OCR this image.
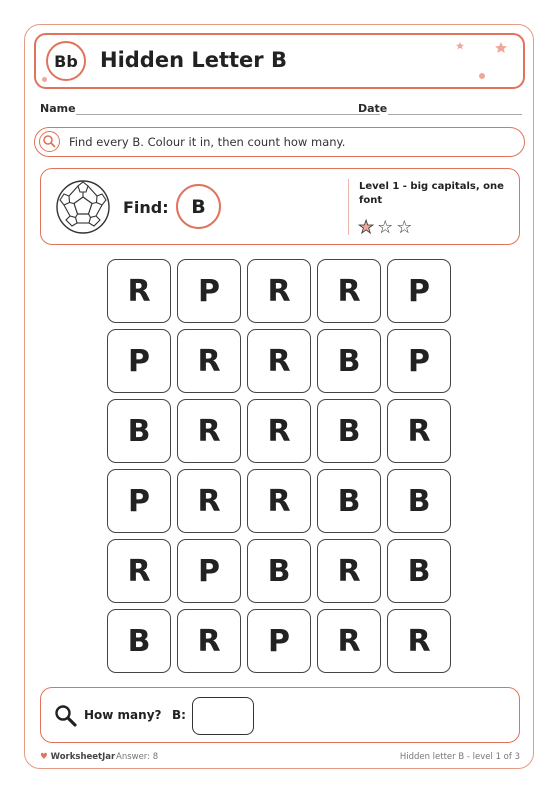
Bb	Hidden Letter B
Name	Date
Find every B. Colour it in, then count how many.
Find:	B
Level 1 - big capitals, one font
★ ☆ ☆
R	P	R	R	P
P	R	R	B	P
B	R	R	B	R
P	R	R	B	B
R	P	B	R	B
B	R	P	R	R
How many? B:
♥ WorksheetJar Answer: 8	Hidden letter B - level 1 of 3
